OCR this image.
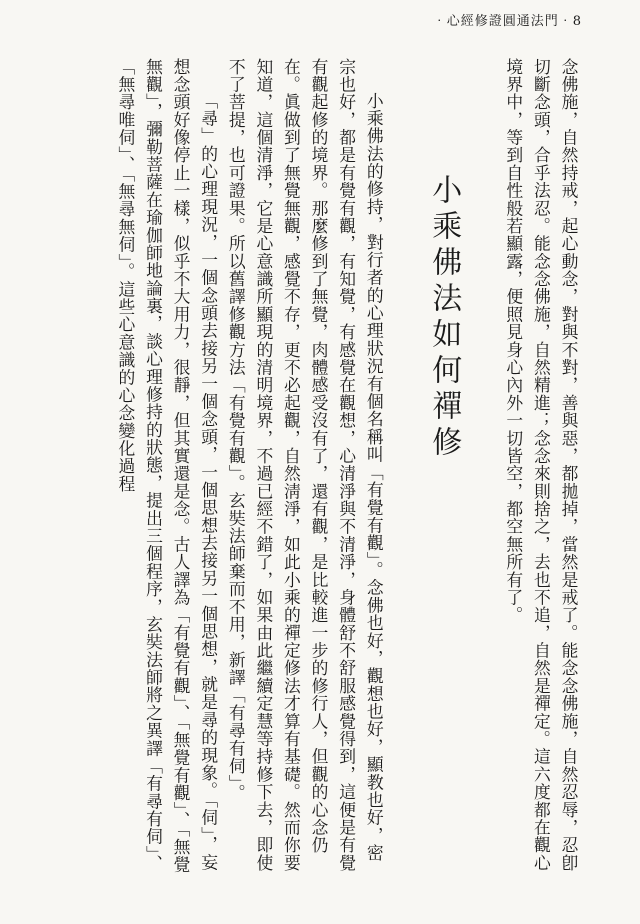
‧心經修證圓通法門‧8

念佛施，自然持戒，起心動念，對與不對，善與惡，都拋掉，當然是戒了。能念念佛施，自然忍辱，忍卽切斷念頭，合乎法忍。能念念佛施，自然精進；念念來則捨之，去也不追，自然是禪定。這六度都在觀心境界中，等到自性般若顯露，便照見身心內外一切皆空，都空無所有了。

小乘佛法如何禪修

小乘佛法的修持，對行者的心理狀況有個名稱叫「有覺有觀」。念佛也好，觀想也好，顯教也好，密宗也好，都是有覺有觀，有知覺，有感覺在觀想，心清淨與不清淨，身體舒不舒服感覺得到，這便是有覺有觀起修的境界。那麼修到了無覺，肉體感受沒有了，還有觀，是比較進一步的修行人，但觀的心念仍在。眞做到了無覺無觀，感覺不存，更不必起觀，自然淸淨，如此小乘的禪定修法才算有基礎。然而你要知道，這個清淨，它是心意識所顯現的清明境界，不過已經不錯了，如果由此繼續定慧等持修下去，即使不了菩提，也可證果。所以舊譯修觀方法「有覺有觀」。玄奘法師棄而不用，新譯「有尋有伺」。

「尋」的心理現況，一個念頭去接另一個念頭，一個思想去接另一個思想，就是尋的現象。「伺」，妄想念頭好像停止一樣，似乎不大用力，很靜，但其實還是念。古人譯為「有覺有觀」、「無覺有觀」、「無覺無觀」，彌勒菩薩在瑜伽師地論裏，談心理修持的狀態，提出三個程序，玄奘法師將之異譯「有尋有伺」、「無尋唯伺」、「無尋無伺」。這些心意識的心念變化過程
